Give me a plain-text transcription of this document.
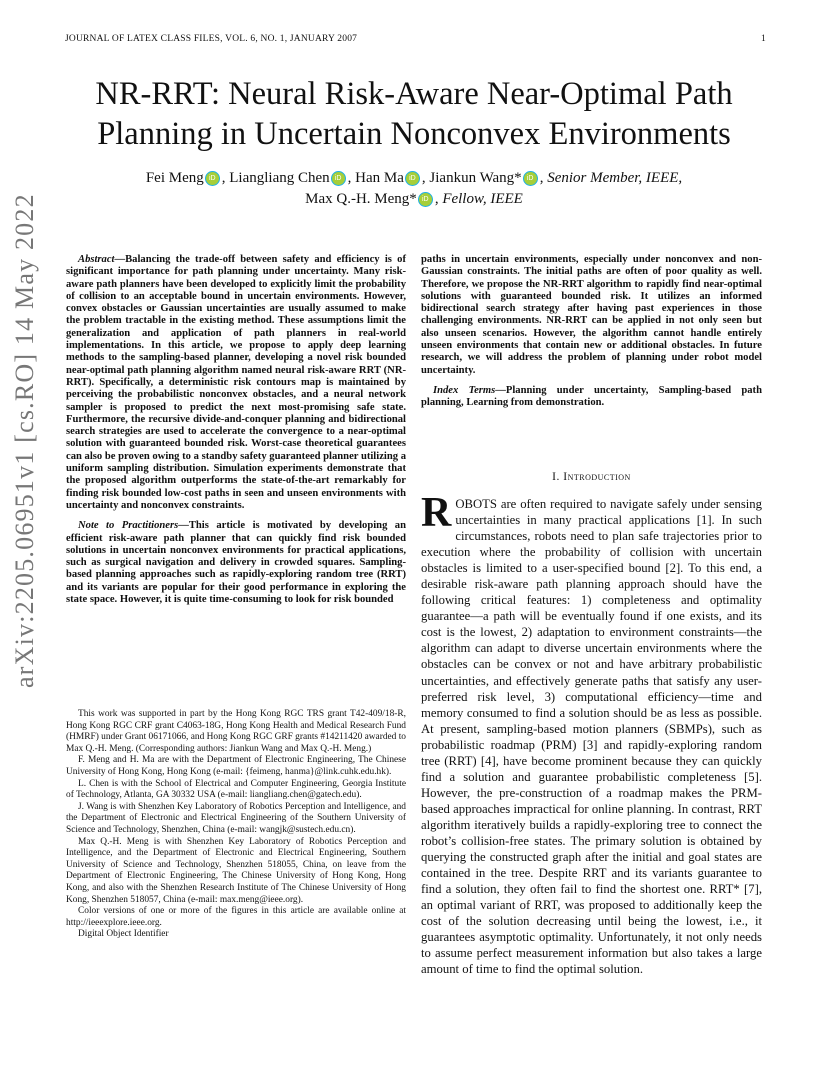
JOURNAL OF LATEX CLASS FILES, VOL. 6, NO. 1, JANUARY 2007	1
arXiv:2205.06951v1 [cs.RO] 14 May 2022
NR-RRT: Neural Risk-Aware Near-Optimal Path
Planning in Uncertain Nonconvex Environments
Fei Meng iD , Liangliang Chen iD , Han Ma iD , Jiankun Wang* iD , Senior Member, IEEE,
Max Q.-H. Meng* iD , Fellow, IEEE

Abstract—Balancing the trade-off between safety and efficiency is of significant importance for path planning under uncertainty. Many risk-aware path planners have been developed to explicitly limit the probability of collision to an acceptable bound in uncertain environments. However, convex obstacles or Gaussian uncertainties are usually assumed to make the problem tractable in the existing method. These assumptions limit the generalization and application of path planners in real-world implementations. In this article, we propose to apply deep learning methods to the sampling-based planner, developing a novel risk bounded near-optimal path planning algorithm named neural risk-aware RRT (NR-RRT). Specifically, a deterministic risk contours map is maintained by perceiving the probabilistic nonconvex obstacles, and a neural network sampler is proposed to predict the next most-promising safe state. Furthermore, the recursive divide-and-conquer planning and bidirectional search strategies are used to accelerate the convergence to a near-optimal solution with guaranteed bounded risk. Worst-case theoretical guarantees can also be proven owing to a standby safety guaranteed planner utilizing a uniform sampling distribution. Simulation experiments demonstrate that the proposed algorithm outperforms the state-of-the-art remarkably for finding risk bounded low-cost paths in seen and unseen environments with uncertainty and nonconvex constraints.

Note to Practitioners—This article is motivated by developing an efficient risk-aware path planner that can quickly find risk bounded solutions in uncertain nonconvex environments for practical applications, such as surgical navigation and delivery in crowded squares. Sampling-based planning approaches such as rapidly-exploring random tree (RRT) and its variants are popular for their good performance in exploring the state space. However, it is quite time-consuming to look for risk bounded

paths in uncertain environments, especially under nonconvex and non-Gaussian constraints. The initial paths are often of poor quality as well. Therefore, we propose the NR-RRT algorithm to rapidly find near-optimal solutions with guaranteed bounded risk. It utilizes an informed bidirectional search strategy after having past experiences in those challenging environments. NR-RRT can be applied in not only seen but also unseen scenarios. However, the algorithm cannot handle entirely unseen environments that contain new or additional obstacles. In future research, we will address the problem of planning under robot model uncertainty.

Index Terms—Planning under uncertainty, Sampling-based path planning, Learning from demonstration.

This work was supported in part by the Hong Kong RGC TRS grant T42-409/18-R, Hong Kong RGC CRF grant C4063-18G, Hong Kong Health and Medical Research Fund (HMRF) under Grant 06171066, and Hong Kong RGC GRF grants #14211420 awarded to Max Q.-H. Meng. (Corresponding authors: Jiankun Wang and Max Q.-H. Meng.)

F. Meng and H. Ma are with the Department of Electronic Engineering, The Chinese University of Hong Kong, Hong Kong (e-mail: {feimeng, hanma}@link.cuhk.edu.hk).

L. Chen is with the School of Electrical and Computer Engineering, Georgia Institute of Technology, Atlanta, GA 30332 USA (e-mail: liangliang.chen@gatech.edu).

J. Wang is with Shenzhen Key Laboratory of Robotics Perception and Intelligence, and the Department of Electronic and Electrical Engineering of the Southern University of Science and Technology, Shenzhen, China (e-mail: wangjk@sustech.edu.cn).

Max Q.-H. Meng is with Shenzhen Key Laboratory of Robotics Perception and Intelligence, and the Department of Electronic and Electrical Engineering, Southern University of Science and Technology, Shenzhen 518055, China, on leave from the Department of Electronic Engineering, The Chinese University of Hong Kong, Hong Kong, and also with the Shenzhen Research Institute of The Chinese University of Hong Kong, Shenzhen 518057, China (e-mail: max.meng@ieee.org).

Color versions of one or more of the figures in this article are available online at http://ieeexplore.ieee.org.

Digital Object Identifier

I. Introduction
ROBOTS are often required to navigate safely under sensing uncertainties in many practical applications [1]. In such circumstances, robots need to plan safe trajectories prior to execution where the probability of collision with uncertain obstacles is limited to a user-specified bound [2]. To this end, a desirable risk-aware path planning approach should have the following critical features: 1) completeness and optimality guarantee—a path will be eventually found if one exists, and its cost is the lowest, 2) adaptation to environment constraints—the algorithm can adapt to diverse uncertain environments where the obstacles can be convex or not and have arbitrary probabilistic uncertainties, and effectively generate paths that satisfy any user-preferred risk level, 3) computational efficiency—time and memory consumed to find a solution should be as less as possible. At present, sampling-based motion planners (SBMPs), such as probabilistic roadmap (PRM) [3] and rapidly-exploring random tree (RRT) [4], have become prominent because they can quickly find a solution and guarantee probabilistic completeness [5]. However, the pre-construction of a roadmap makes the PRM-based approaches impractical for online planning. In contrast, RRT algorithm iteratively builds a rapidly-exploring tree to connect the robot’s collision-free states. The primary solution is obtained by querying the constructed graph after the initial and goal states are contained in the tree. Despite RRT and its variants guarantee to find a solution, they often fail to find the shortest one. RRT* [7], an optimal variant of RRT, was proposed to additionally keep the cost of the solution decreasing until being the lowest, i.e., it guarantees asymptotic optimality. Unfortunately, it not only needs to assume perfect measurement information but also takes a large amount of time to find the optimal solution.
